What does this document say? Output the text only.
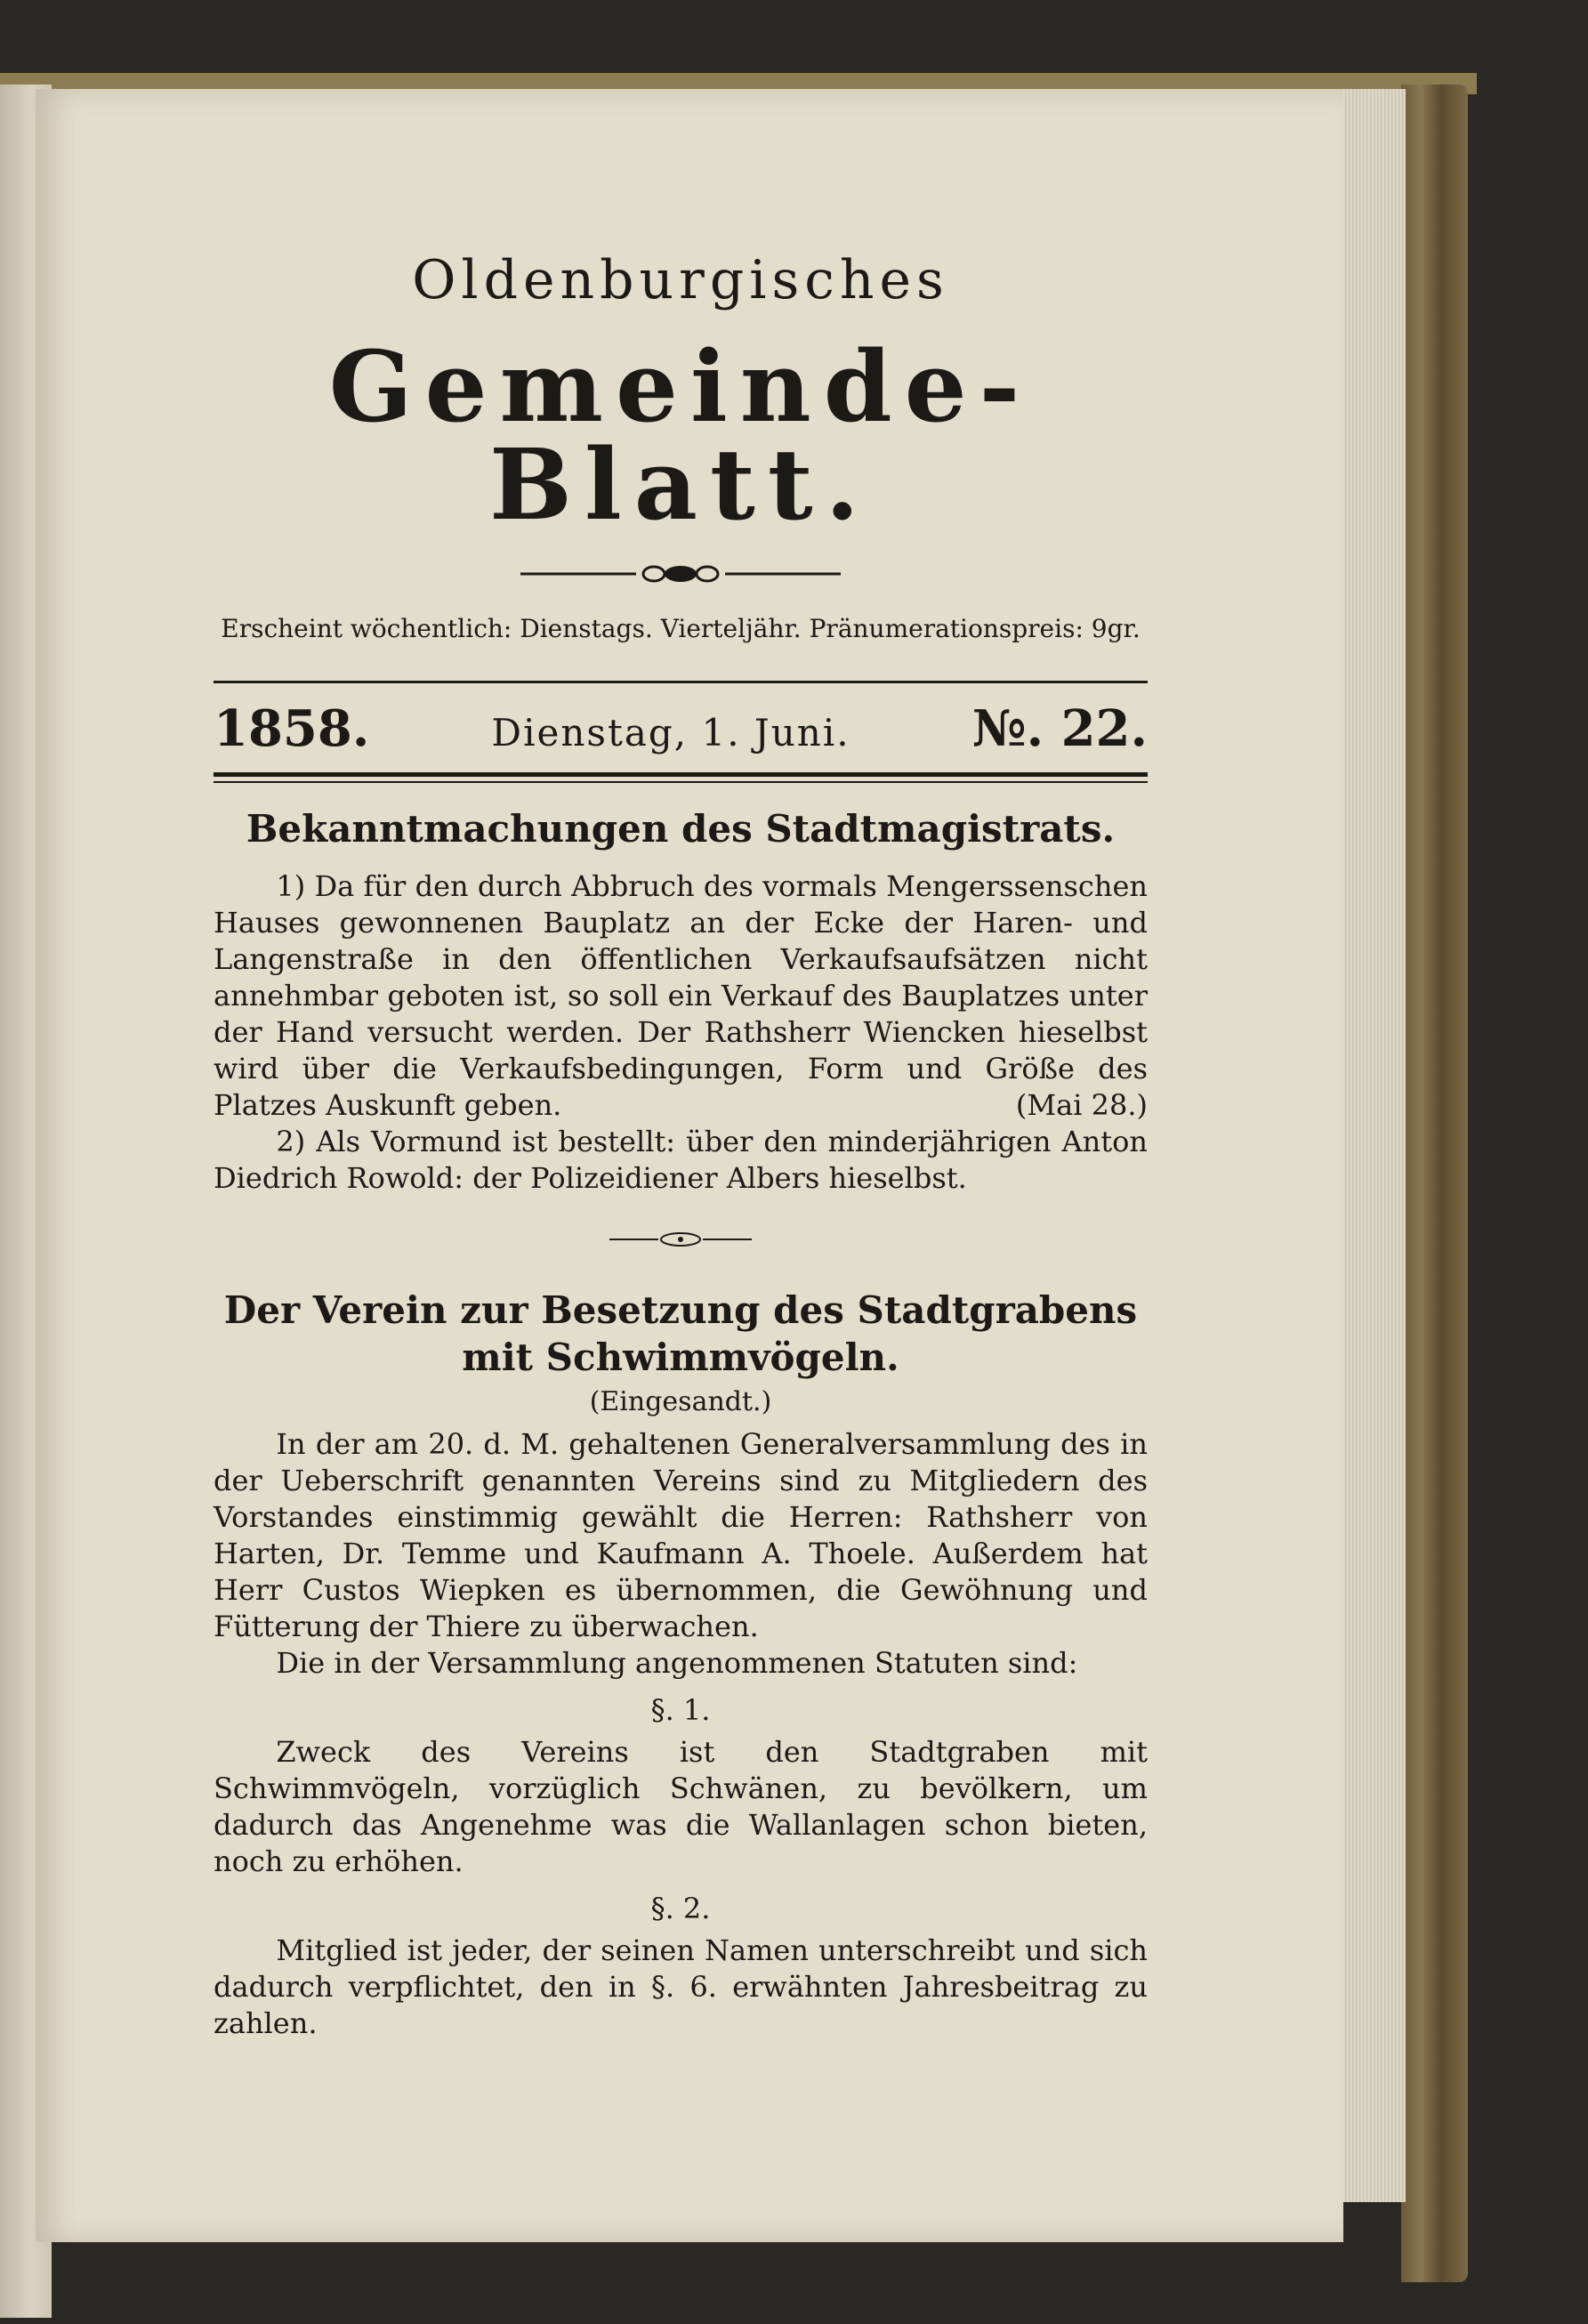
Oldenburgisches
Gemeinde-Blatt.
Erscheint wöchentlich: Dienstags. Vierteljähr. Pränumerationspreis: 9gr.
1858.	Dienstag, 1. Juni. №. 22.
Bekanntmachungen des Stadtmagistrats.

1) Da für den durch Abbruch des vormals Mengerssenschen Hauses gewonnenen Bauplatz an der Ecke der Haren- und Langenstraße in den öffentlichen Verkaufsaufsätzen nicht annehmbar geboten ist, so soll ein Verkauf des Bauplatzes unter der Hand versucht werden. Der Rathsherr Wiencken hieselbst wird über die Verkaufsbedingungen, Form und Größe des Platzes Auskunft geben.	(Mai 28.)

2) Als Vormund ist bestellt: über den minderjährigen Anton Diedrich Rowold: der Polizeidiener Albers hieselbst.

Der Verein zur Besetzung des Stadtgrabens
mit Schwimmvögeln.
(Eingesandt.)

In der am 20. d. M. gehaltenen Generalversammlung des in der Ueberschrift genannten Vereins sind zu Mitgliedern des Vorstandes einstimmig gewählt die Herren: Rathsherr von Harten, Dr. Temme und Kaufmann A. Thoele. Außerdem hat Herr Custos Wiepken es übernommen, die Gewöhnung und Fütterung der Thiere zu überwachen.

Die in der Versammlung angenommenen Statuten sind:

§. 1.

Zweck des Vereins ist den Stadtgraben mit Schwimmvögeln, vorzüglich Schwänen, zu bevölkern, um dadurch das Angenehme was die Wallanlagen schon bieten, noch zu erhöhen.

§. 2.

Mitglied ist jeder, der seinen Namen unterschreibt und sich dadurch verpflichtet, den in §. 6. erwähnten Jahresbeitrag zu zahlen.
